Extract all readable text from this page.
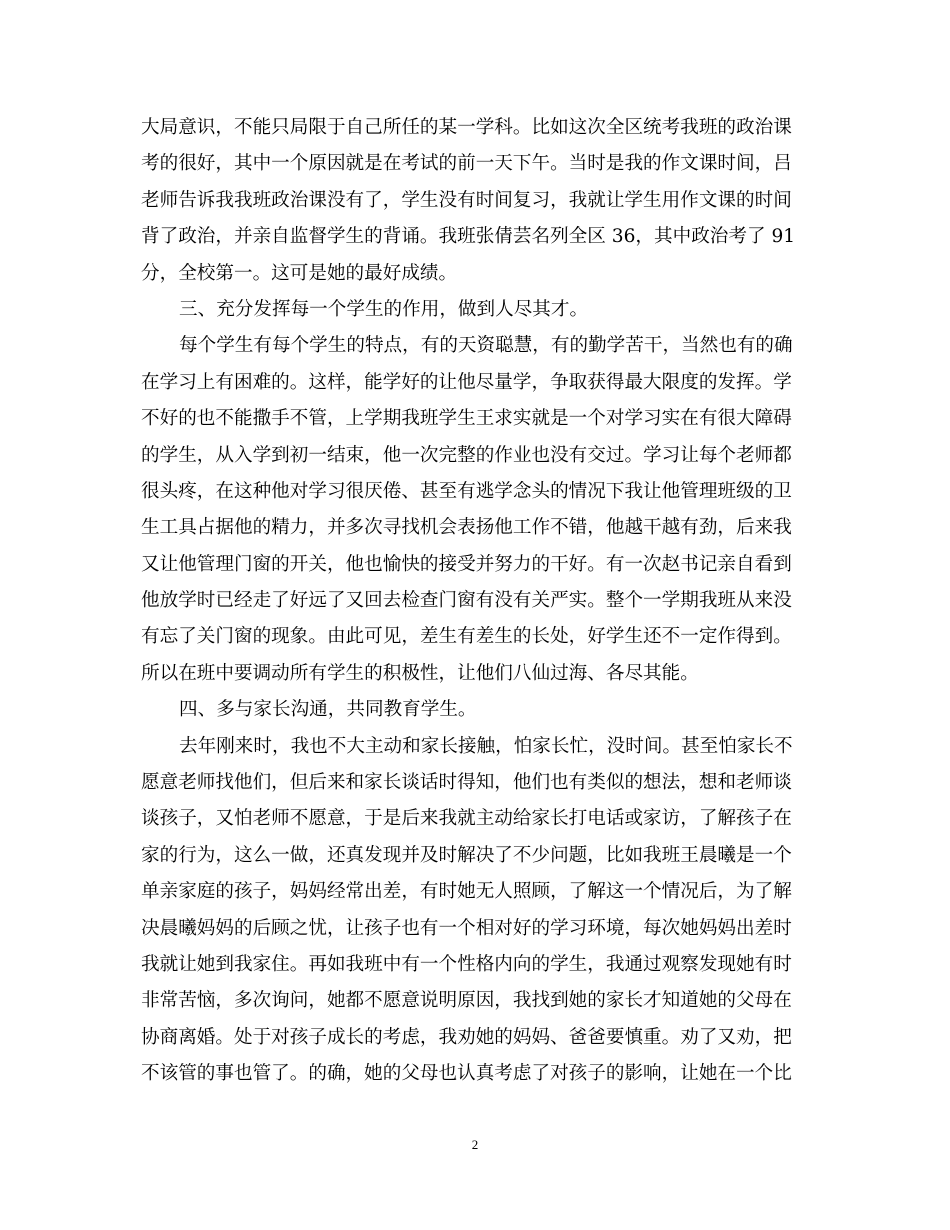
大局意识，不能只局限于自己所任的某一学科。比如这次全区统考我班的政治课
考的很好，其中一个原因就是在考试的前一天下午。当时是我的作文课时间，吕
老师告诉我我班政治课没有了，学生没有时间复习，我就让学生用作文课的时间
背了政治，并亲自监督学生的背诵。我班张倩芸名列全区 36，其中政治考了 91
分，全校第一。这可是她的最好成绩。

三、充分发挥每一个学生的作用，做到人尽其才。

每个学生有每个学生的特点，有的天资聪慧，有的勤学苦干，当然也有的确
在学习上有困难的。这样，能学好的让他尽量学，争取获得最大限度的发挥。学
不好的也不能撒手不管，上学期我班学生王求实就是一个对学习实在有很大障碍
的学生，从入学到初一结束，他一次完整的作业也没有交过。学习让每个老师都
很头疼，在这种他对学习很厌倦、甚至有逃学念头的情况下我让他管理班级的卫
生工具占据他的精力，并多次寻找机会表扬他工作不错，他越干越有劲，后来我
又让他管理门窗的开关，他也愉快的接受并努力的干好。有一次赵书记亲自看到
他放学时已经走了好远了又回去检查门窗有没有关严实。整个一学期我班从来没
有忘了关门窗的现象。由此可见，差生有差生的长处，好学生还不一定作得到。
所以在班中要调动所有学生的积极性，让他们八仙过海、各尽其能。

四、多与家长沟通，共同教育学生。

去年刚来时，我也不大主动和家长接触，怕家长忙，没时间。甚至怕家长不
愿意老师找他们，但后来和家长谈话时得知，他们也有类似的想法，想和老师谈
谈孩子，又怕老师不愿意，于是后来我就主动给家长打电话或家访，了解孩子在
家的行为，这么一做，还真发现并及时解决了不少问题，比如我班王晨曦是一个
单亲家庭的孩子，妈妈经常出差，有时她无人照顾，了解这一个情况后，为了解
决晨曦妈妈的后顾之忧，让孩子也有一个相对好的学习环境，每次她妈妈出差时
我就让她到我家住。再如我班中有一个性格内向的学生，我通过观察发现她有时
非常苦恼，多次询问，她都不愿意说明原因，我找到她的家长才知道她的父母在
协商离婚。处于对孩子成长的考虑，我劝她的妈妈、爸爸要慎重。劝了又劝，把
不该管的事也管了。的确，她的父母也认真考虑了对孩子的影响，让她在一个比

2
